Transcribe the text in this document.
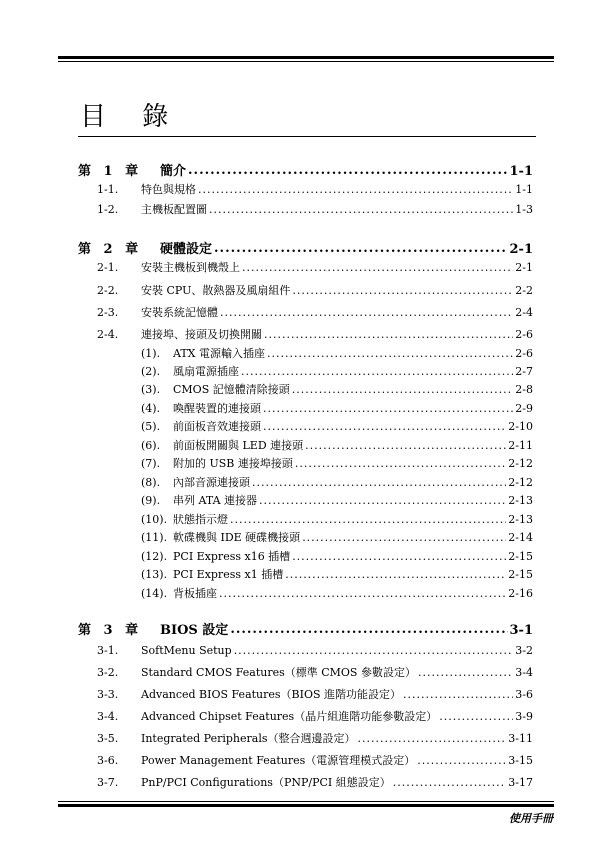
目 錄
第 1 章 簡介 .....	1-1
1-1. 特色與規格 .....	1-1
1-2. 主機板配置圖 .....	1-3
第 2 章 硬體設定 .....	2-1
2-1. 安裝主機板到機殼上 .....	2-1
2-2. 安裝 CPU、散熱器及風扇組件 .....	2-2
2-3. 安裝系統記憶體 .....	2-4
2-4. 連接埠、接頭及切換開關 .....	2-6
(1). ATX 電源輸入插座 .....	2-6
(2). 風扇電源插座 .....	2-7
(3). CMOS 記憶體清除接頭 .....	2-8
(4). 喚醒裝置的連接頭 .....	2-9
(5). 前面板音效連接頭 .....	2-10
(6). 前面板開關與 LED 連接頭 .....	2-11
(7). 附加的 USB 連接埠接頭 .....	2-12
(8). 內部音源連接頭 .....	2-12
(9). 串列 ATA 連接器 .....	2-13
(10). 狀態指示燈 .....	2-13
(11). 軟碟機與 IDE 硬碟機接頭 .....	2-14
(12). PCI Express x16 插槽 .....	2-15
(13). PCI Express x1 插槽 .....	2-15
(14). 背板插座 .....	2-16
第 3 章 BIOS 設定 .....	3-1
3-1. SoftMenu Setup .....	3-2
3-2. Standard CMOS Features（標準 CMOS 參數設定） .....	3-4
3-3. Advanced BIOS Features（BIOS 進階功能設定） .....	3-6
3-4. Advanced Chipset Features（晶片組進階功能參數設定） .....	3-9
3-5. Integrated Peripherals（整合週邊設定） .....	3-11
3-6. Power Management Features（電源管理模式設定） .....	3-15
3-7. PnP/PCI Configurations（PNP/PCI 組態設定） .....	3-17
使用手冊
